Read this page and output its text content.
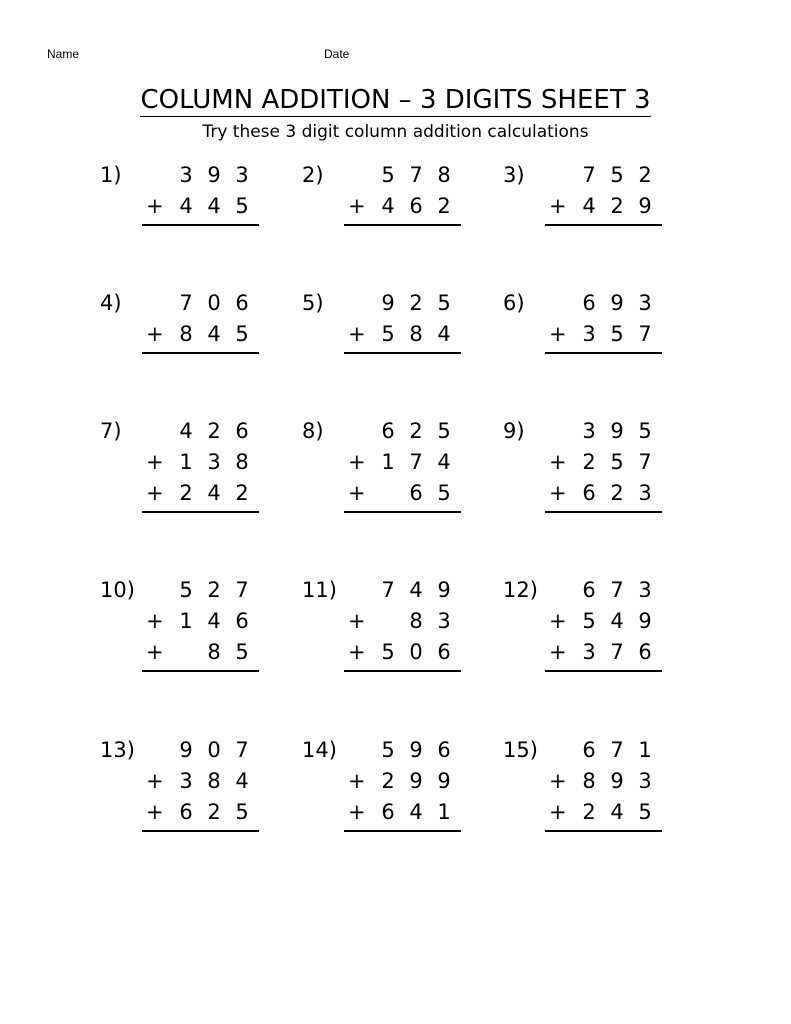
Name	Date
COLUMN ADDITION – 3 DIGITS SHEET 3
Try these 3 digit column addition calculations
1)	3 9 3
+ 4 4 5
2)	5 7 8
+ 4 6 2
3)	7 5 2
+ 4 2 9
4)	7 0 6
+ 8 4 5
5)	9 2 5
+ 5 8 4
6)	6 9 3
+ 3 5 7
7)	4 2 6
+ 1 3 8
+ 2 4 2
8)	6 2 5
+ 1 7 4
+ 6 5
9)	3 9 5
+ 2 5 7
+ 6 2 3
10) 5 2 7
+ 1 4 6
+ 8 5
11) 7 4 9
+ 8 3
+ 5 0 6
12) 6 7 3
+ 5 4 9
+ 3 7 6
13) 9 0 7
+ 3 8 4
+ 6 2 5
14) 5 9 6
+ 2 9 9
+ 6 4 1
15) 6 7 1
+ 8 9 3
+ 2 4 5
